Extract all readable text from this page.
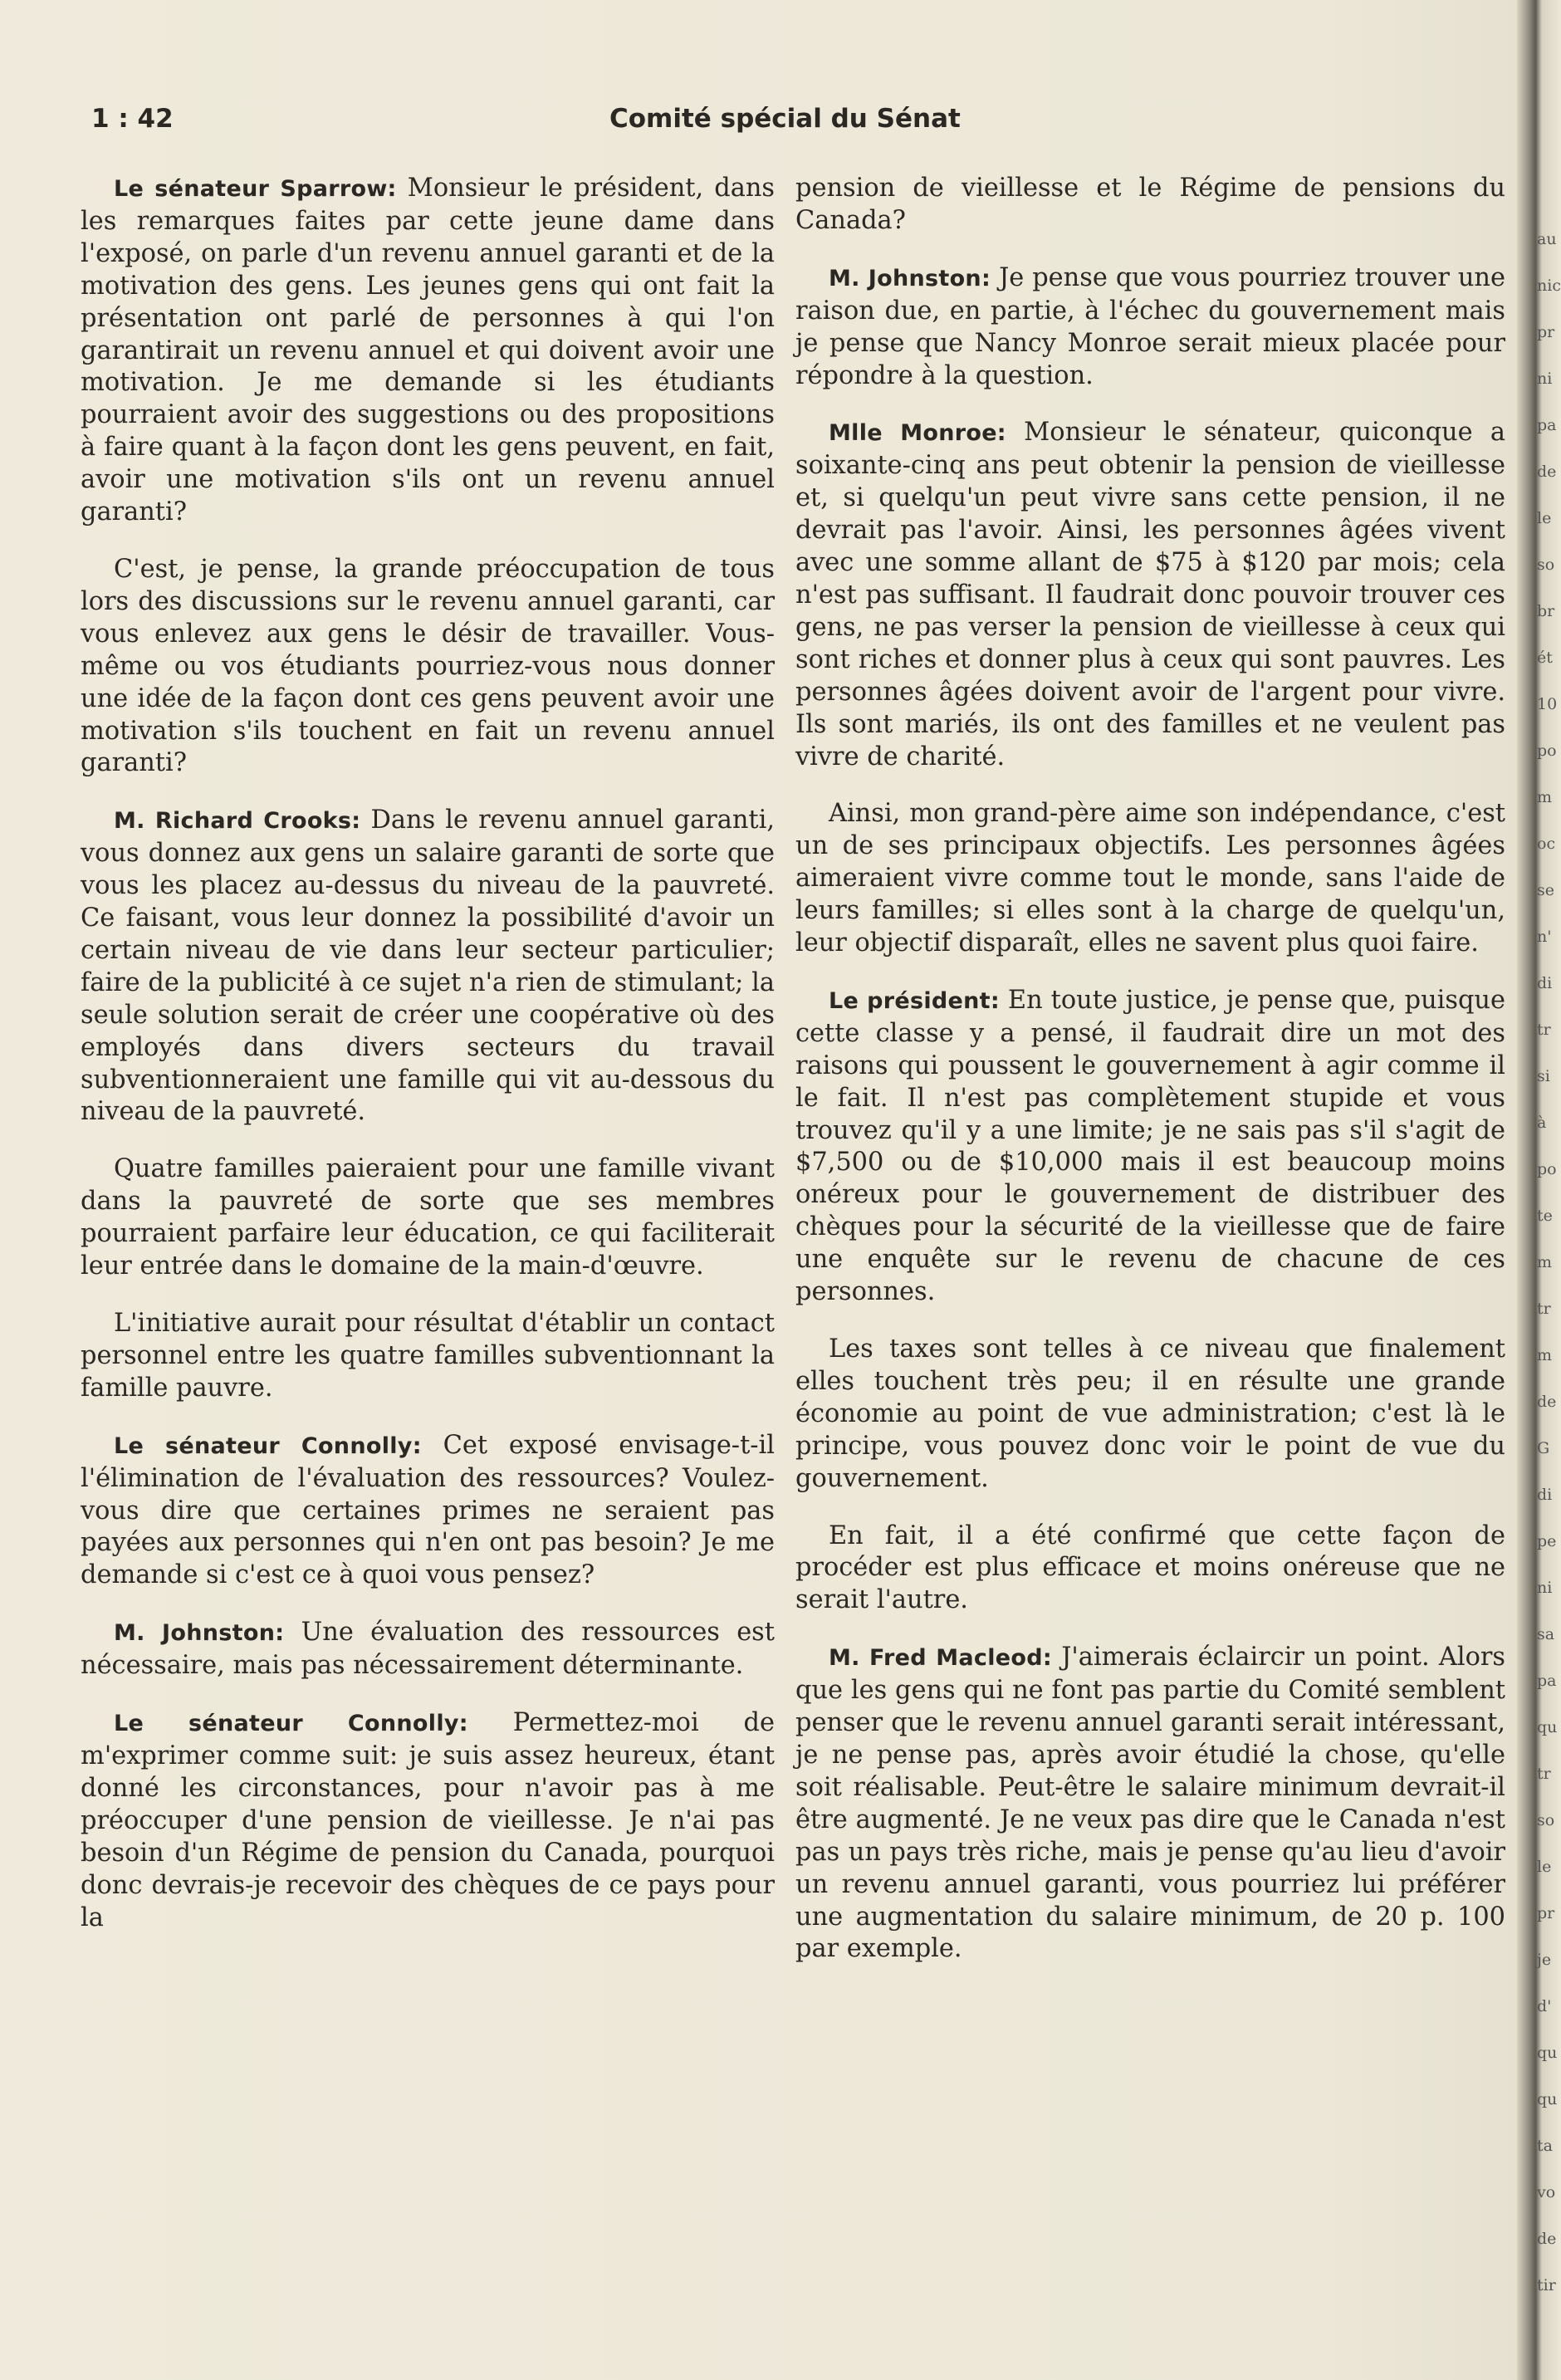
1 : 42	Comité spécial du Sénat

Le sénateur Sparrow: Monsieur le président, dans les remarques faites par cette jeune dame dans l'exposé, on parle d'un revenu annuel garanti et de la motivation des gens. Les jeunes gens qui ont fait la présentation ont parlé de personnes à qui l'on garantirait un revenu annuel et qui doivent avoir une motivation. Je me demande si les étudiants pourraient avoir des suggestions ou des propositions à faire quant à la façon dont les gens peuvent, en fait, avoir une motivation s'ils ont un revenu annuel garanti?

C'est, je pense, la grande préoccupation de tous lors des discussions sur le revenu annuel garanti, car vous enlevez aux gens le désir de travailler. Vous-même ou vos étudiants pourriez-vous nous donner une idée de la façon dont ces gens peuvent avoir une motivation s'ils touchent en fait un revenu annuel garanti?

M. Richard Crooks: Dans le revenu annuel garanti, vous donnez aux gens un salaire garanti de sorte que vous les placez au-dessus du niveau de la pauvreté. Ce faisant, vous leur donnez la possibilité d'avoir un certain niveau de vie dans leur secteur particulier; faire de la publicité à ce sujet n'a rien de stimulant; la seule solution serait de créer une coopérative où des employés dans divers secteurs du travail subventionneraient une famille qui vit au-dessous du niveau de la pauvreté.

Quatre familles paieraient pour une famille vivant dans la pauvreté de sorte que ses membres pourraient parfaire leur éducation, ce qui faciliterait leur entrée dans le domaine de la main-d'œuvre.

L'initiative aurait pour résultat d'établir un contact personnel entre les quatre familles subventionnant la famille pauvre.

Le sénateur Connolly: Cet exposé envisage-t-il l'élimination de l'évaluation des ressources? Voulez-vous dire que certaines primes ne seraient pas payées aux personnes qui n'en ont pas besoin? Je me demande si c'est ce à quoi vous pensez?

M. Johnston: Une évaluation des ressources est nécessaire, mais pas nécessairement déterminante.

Le sénateur Connolly: Permettez-moi de m'exprimer comme suit: je suis assez heureux, étant donné les circonstances, pour n'avoir pas à me préoccuper d'une pension de vieillesse. Je n'ai pas besoin d'un Régime de pension du Canada, pourquoi donc devrais-je recevoir des chèques de ce pays pour la

pension de vieillesse et le Régime de pensions du Canada?

M. Johnston: Je pense que vous pourriez trouver une raison due, en partie, à l'échec du gouvernement mais je pense que Nancy Monroe serait mieux placée pour répondre à la question.

Mlle Monroe: Monsieur le sénateur, quiconque a soixante-cinq ans peut obtenir la pension de vieillesse et, si quelqu'un peut vivre sans cette pension, il ne devrait pas l'avoir. Ainsi, les personnes âgées vivent avec une somme allant de $75 à $120 par mois; cela n'est pas suffisant. Il faudrait donc pouvoir trouver ces gens, ne pas verser la pension de vieillesse à ceux qui sont riches et donner plus à ceux qui sont pauvres. Les personnes âgées doivent avoir de l'argent pour vivre. Ils sont mariés, ils ont des familles et ne veulent pas vivre de charité.

Ainsi, mon grand-père aime son indépendance, c'est un de ses principaux objectifs. Les personnes âgées aimeraient vivre comme tout le monde, sans l'aide de leurs familles; si elles sont à la charge de quelqu'un, leur objectif disparaît, elles ne savent plus quoi faire.

Le président: En toute justice, je pense que, puisque cette classe y a pensé, il faudrait dire un mot des raisons qui poussent le gouvernement à agir comme il le fait. Il n'est pas complètement stupide et vous trouvez qu'il y a une limite; je ne sais pas s'il s'agit de $7,500 ou de $10,000 mais il est beaucoup moins onéreux pour le gouvernement de distribuer des chèques pour la sécurité de la vieillesse que de faire une enquête sur le revenu de chacune de ces personnes.

Les taxes sont telles à ce niveau que finalement elles touchent très peu; il en résulte une grande économie au point de vue administration; c'est là le principe, vous pouvez donc voir le point de vue du gouvernement.

En fait, il a été confirmé que cette façon de procéder est plus efficace et moins onéreuse que ne serait l'autre.

M. Fred Macleod: J'aimerais éclaircir un point. Alors que les gens qui ne font pas partie du Comité semblent penser que le revenu annuel garanti serait intéressant, je ne pense pas, après avoir étudié la chose, qu'elle soit réalisable. Peut-être le salaire minimum devrait-il être augmenté. Je ne veux pas dire que le Canada n'est pas un pays très riche, mais je pense qu'au lieu d'avoir un revenu annuel garanti, vous pourriez lui préférer une augmentation du salaire minimum, de 20 p. 100 par exemple.

au
nic
pr
ni
pa
de
le
so
br
ét
10
po
m
oc
se
n'
di
tr
si
à
po
te
m
tr
m
de
G
di
pe
ni
sa
pa
qu
tr
so
le
pr
je
d'
qu
qu
ta
vo
de
tir
